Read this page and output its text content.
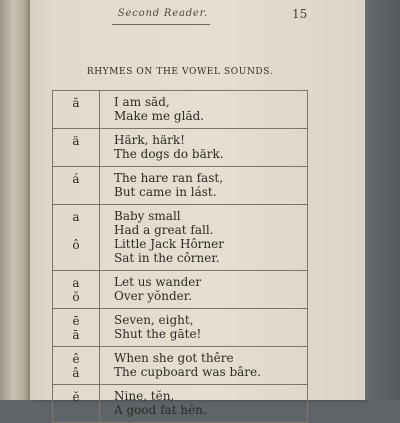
Second Reader.	15
RHYMES ON THE VOWEL SOUNDS.
ă	I am săd,
Make me glăd.

ä	Härk, härk!
The dogs do bärk.

á	The hare ran fast,
But came in lást.

a

ô	Baby small
Had a great fall.
Little Jack Hôrner
Sat in the côrner.

a
ŏ	Let us wander
Over yŏnder.

ē
ā	Seven, eight,
Shut the gāte!

ê
â	When she got thêre
The cupboard was bâre.

ĕ	Nine, tĕn,
A good fat hĕn.
